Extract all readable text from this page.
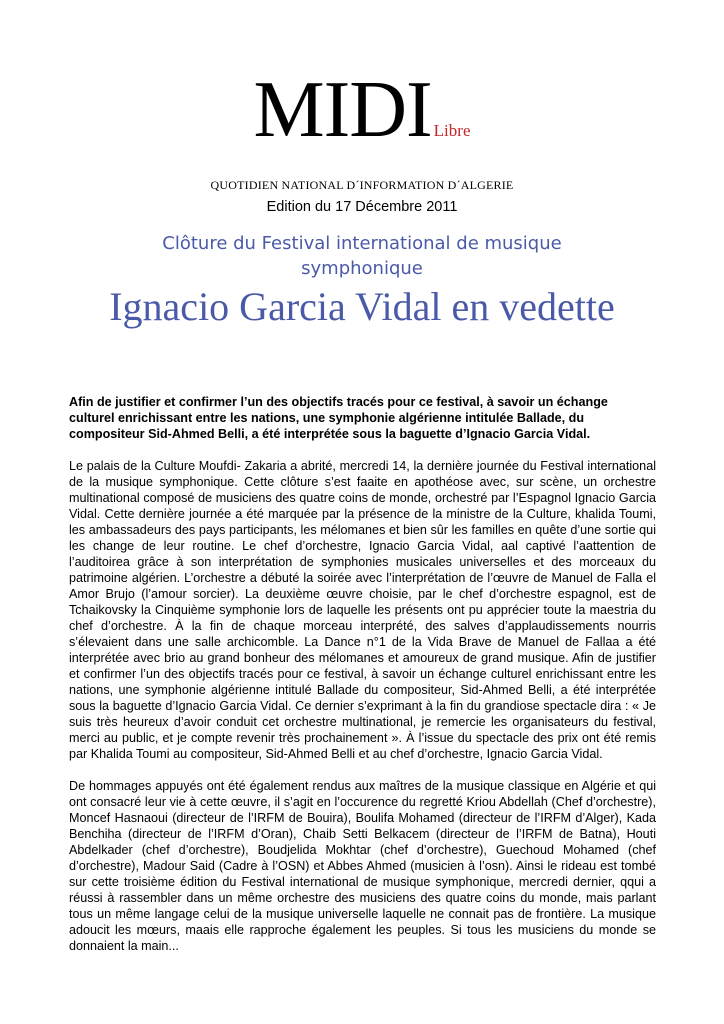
MIDI Libre
QUOTIDIEN NATIONAL D´INFORMATION D´ALGERIE
Edition du 17 Décembre 2011
Clôture du Festival international de musique symphonique
Ignacio Garcia Vidal en vedette

Afin de justifier et confirmer l’un des objectifs tracés pour ce festival, à savoir un échange culturel enrichissant entre les nations, une symphonie algérienne intitulée Ballade, du compositeur Sid-Ahmed Belli, a été interprétée sous la baguette d’Ignacio Garcia Vidal.

Le palais de la Culture Moufdi- Zakaria a abrité, mercredi 14, la dernière journée du Festival international de la musique symphonique. Cette clôture s’est faaite en apothéose avec, sur scène, un orchestre multinational composé de musiciens des quatre coins de monde, orchestré par l’Espagnol Ignacio Garcia Vidal. Cette dernière journée a été marquée par la présence de la ministre de la Culture, khalida Toumi, les ambassadeurs des pays participants, les mélomanes et bien sûr les familles en quête d’une sortie qui les change de leur routine. Le chef d’orchestre, Ignacio Garcia Vidal, aal captivé l’aattention de l’auditoirea grâce à son interprétation de symphonies musicales universelles et des morceaux du patrimoine algérien. L’orchestre a débuté la soirée avec l’interprétation de l’œuvre de Manuel de Falla el Amor Brujo (l’amour sorcier). La deuxième œuvre choisie, par le chef d’orchestre espagnol, est de Tchaikovsky la Cinquième symphonie lors de laquelle les présents ont pu apprécier toute la maestria du chef d’orchestre. À la fin de chaque morceau interprété, des salves d’applaudissements nourris s’élevaient dans une salle archicomble. La Dance n°1 de la Vida Brave de Manuel de Fallaa a été interprétée avec brio au grand bonheur des mélomanes et amoureux de grand musique. Afin de justifier et confirmer l’un des objectifs tracés pour ce festival, à savoir un échange culturel enrichissant entre les nations, une symphonie algérienne intitulé Ballade du compositeur, Sid-Ahmed Belli, a été interprétée sous la baguette d’Ignacio Garcia Vidal. Ce dernier s’exprimant à la fin du grandiose spectacle dira : « Je suis très heureux d’avoir conduit cet orchestre multinational, je remercie les organisateurs du festival, merci au public, et je compte revenir très prochainement ». À l’issue du spectacle des prix ont été remis par Khalida Toumi au compositeur, Sid-Ahmed Belli et au chef d’orchestre, Ignacio Garcia Vidal.

De hommages appuyés ont été également rendus aux maîtres de la musique classique en Algérie et qui ont consacré leur vie à cette œuvre, il s’agit en l’occurence du regretté Kriou Abdellah (Chef d’orchestre), Moncef Hasnaoui (directeur de l’IRFM de Bouira), Boulifa Mohamed (directeur de l’IRFM d’Alger), Kada Benchiha (directeur de l’IRFM d’Oran), Chaib Setti Belkacem (directeur de l’IRFM de Batna), Houti Abdelkader (chef d’orchestre), Boudjelida Mokhtar (chef d’orchestre), Guechoud Mohamed (chef d’orchestre), Madour Said (Cadre à l’OSN) et Abbes Ahmed (musicien à l’osn). Ainsi le rideau est tombé sur cette troisième édition du Festival international de musique symphonique, mercredi dernier, qqui a réussi à rassembler dans un même orchestre des musiciens des quatre coins du monde, mais parlant tous un même langage celui de la musique universelle laquelle ne connait pas de frontière. La musique adoucit les mœurs, maais elle rapproche également les peuples. Si tous les musiciens du monde se donnaient la main...
